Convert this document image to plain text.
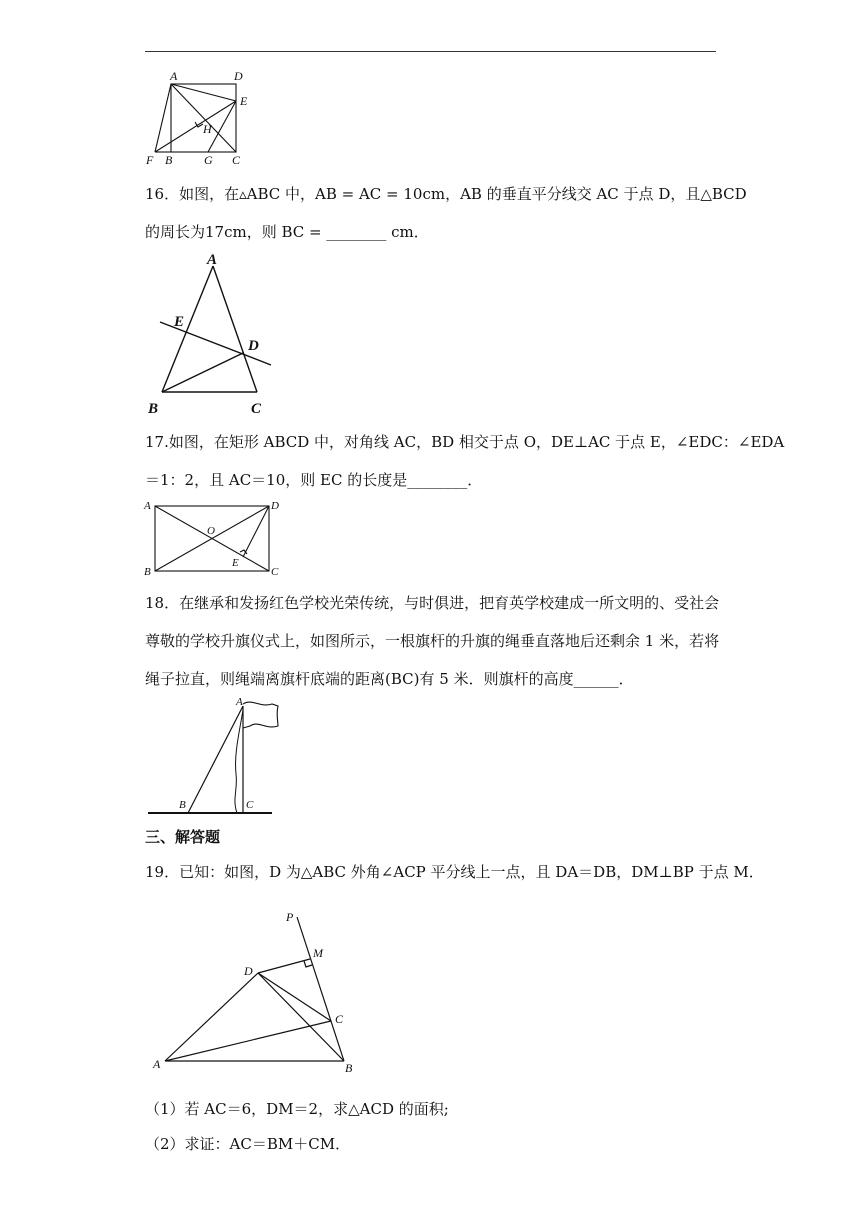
A	D
E
H
F B	G C
16．如图，在▵ABC 中，AB = AC = 10cm，AB 的垂直平分线交 AC 于点 D，且△BCD
的周长为17cm，则 BC = ________ cm．
A
E
D
B	C
17.如图，在矩形 ABCD 中，对角线 AC，BD 相交于点 O，DE⊥AC 于点 E，∠EDC：∠EDA
＝1：2，且 AC＝10，则 EC 的长度是________．
A	D
O
E
B	C
18．在继承和发扬红色学校光荣传统，与时俱进，把育英学校建成一所文明的、受社会
尊敬的学校升旗仪式上，如图所示，一根旗杆的升旗的绳垂直落地后还剩余 1 米，若将
绳子拉直，则绳端离旗杆底端的距离(BC)有 5 米．则旗杆的高度______．
A
B	C
三、解答题
19．已知：如图，D 为△ABC 外角∠ACP 平分线上一点，且 DA＝DB，DM⊥BP 于点 M．
P
M
D
C
A	B
（1）若 AC＝6，DM＝2，求△ACD 的面积;
（2）求证：AC＝BM＋CM．
